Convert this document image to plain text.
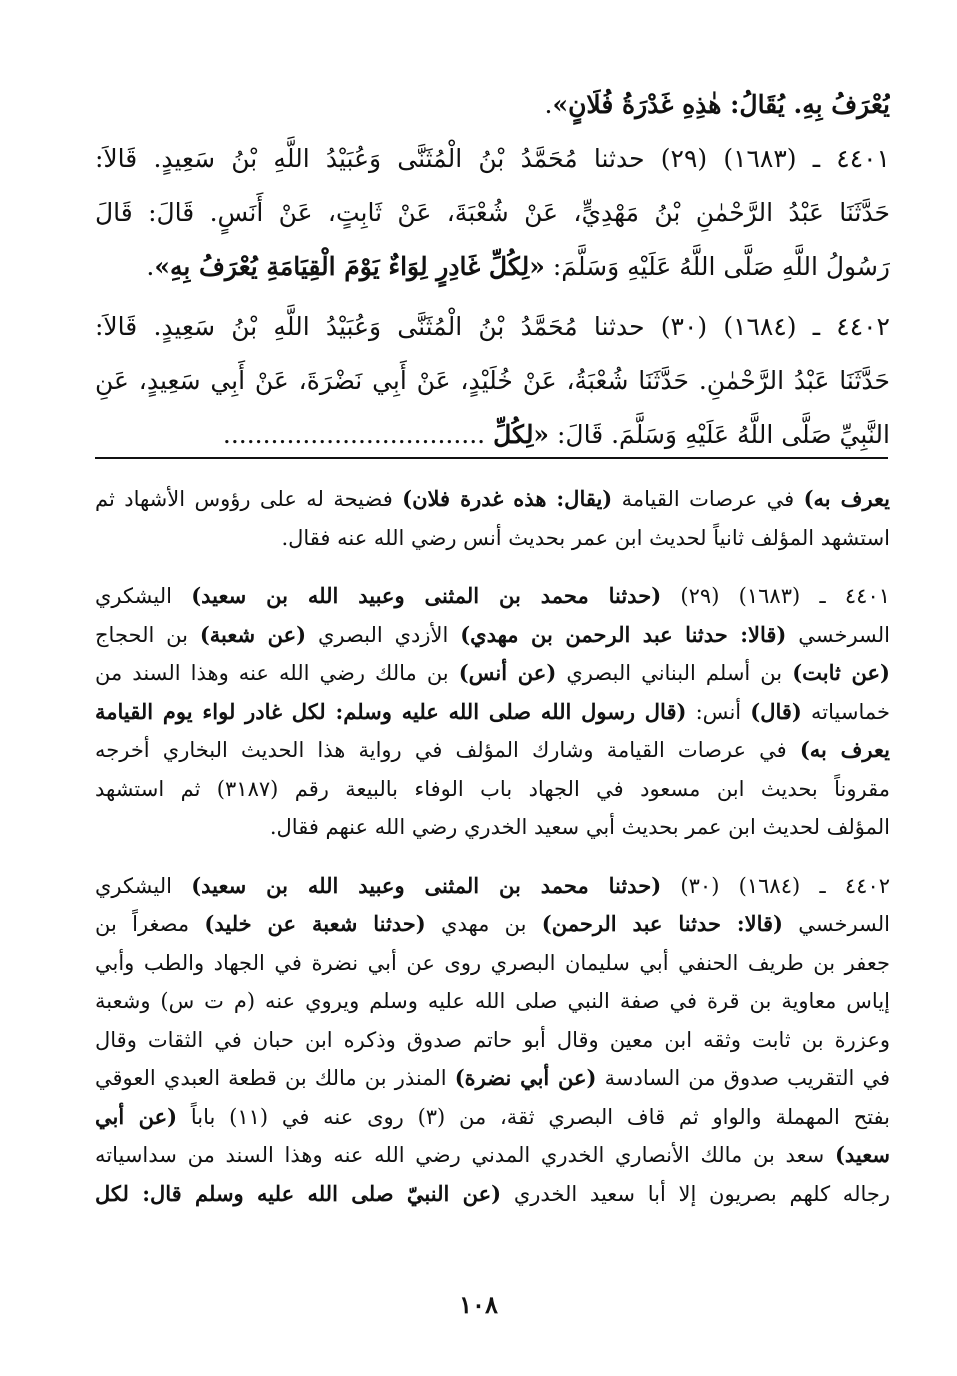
يُعْرَفُ بِهِ. يُقَالُ: هٰذِهِ غَدْرَةُ فُلَانٍ».
٤٤٠١ ـ (١٦٨٣) (٢٩) حدثنا مُحَمَّدُ بْنُ الْمُثَنَّى وَعُبَيْدُ اللَّهِ بْنُ سَعِيدٍ. قَالاَ:
حَدَّثَنَا عَبْدُ الرَّحْمٰنِ بْنُ مَهْدِيٍّ، عَنْ شُعْبَةَ، عَنْ ثَابِتٍ، عَنْ أَنَسٍ. قَالَ: قَالَ
رَسُولُ اللَّهِ صَلَّى اللَّهُ عَلَيْهِ وَسَلَّمَ: «لِكُلِّ غَادِرٍ لِوَاءٌ يَوْمَ الْقِيَامَةِ يُعْرَفُ بِهِ».
٤٤٠٢ ـ (١٦٨٤) (٣٠) حدثنا مُحَمَّدُ بْنُ الْمُثَنَّى وَعُبَيْدُ اللَّهِ بْنُ سَعِيدٍ. قَالاَ:
حَدَّثَنَا عَبْدُ الرَّحْمٰنِ. حَدَّثَنَا شُعْبَةُ، عَنْ خُلَيْدٍ، عَنْ أَبِي نَضْرَةَ، عَنْ أَبِي سَعِيدٍ، عَنِ
النَّبِيِّ صَلَّى اللَّهُ عَلَيْهِ وَسَلَّمَ. قَالَ: «لِكُلِّ .................................
يعرف به) في عرصات القيامة (يقال: هذه غدرة فلان) فضيحة له على رؤوس الأشهاد ثم
استشهد المؤلف ثانياً لحديث ابن عمر بحديث أنس رضي الله عنه فقال.
٤٤٠١ ـ (١٦٨٣) (٢٩) (حدثنا محمد بن المثنى وعبيد الله بن سعيد) اليشكري
السرخسي (قالا: حدثنا عبد الرحمن بن مهدي) الأزدي البصري (عن شعبة) بن الحجاج
(عن ثابت) بن أسلم البناني البصري (عن أنس) بن مالك رضي الله عنه وهذا السند من
خماسياته (قال) أنس: (قال رسول الله صلى الله عليه وسلم: لكل غادر لواء يوم القيامة
يعرف به) في عرصات القيامة وشارك المؤلف في رواية هذا الحديث البخاري أخرجه
مقروناً بحديث ابن مسعود في الجهاد باب الوفاء بالبيعة رقم (٣١٨٧) ثم استشهد
المؤلف لحديث ابن عمر بحديث أبي سعيد الخدري رضي الله عنهم فقال.
٤٤٠٢ ـ (١٦٨٤) (٣٠) (حدثنا محمد بن المثنى وعبيد الله بن سعيد) اليشكري
السرخسي (قالا: حدثنا عبد الرحمن) بن مهدي (حدثنا شعبة عن خليد) مصغراً بن
جعفر بن طريف الحنفي أبي سليمان البصري روى عن أبي نضرة في الجهاد والطب وأبي
إياس معاوية بن قرة في صفة النبي صلى الله عليه وسلم ويروي عنه (م ت س) وشعبة
وعزرة بن ثابت وثقه ابن معين وقال أبو حاتم صدوق وذكره ابن حبان في الثقات وقال
في التقريب صدوق من السادسة (عن أبي نضرة) المنذر بن مالك بن قطعة العبدي العوقي
بفتح المهملة والواو ثم قاف البصري ثقة، من (٣) روى عنه في (١١) باباً (عن أبي
سعيد) سعد بن مالك الأنصاري الخدري المدني رضي الله عنه وهذا السند من سداسياته
رجاله كلهم بصريون إلا أبا سعيد الخدري (عن النبيّ صلى الله عليه وسلم قال: لكل
١٠٨
